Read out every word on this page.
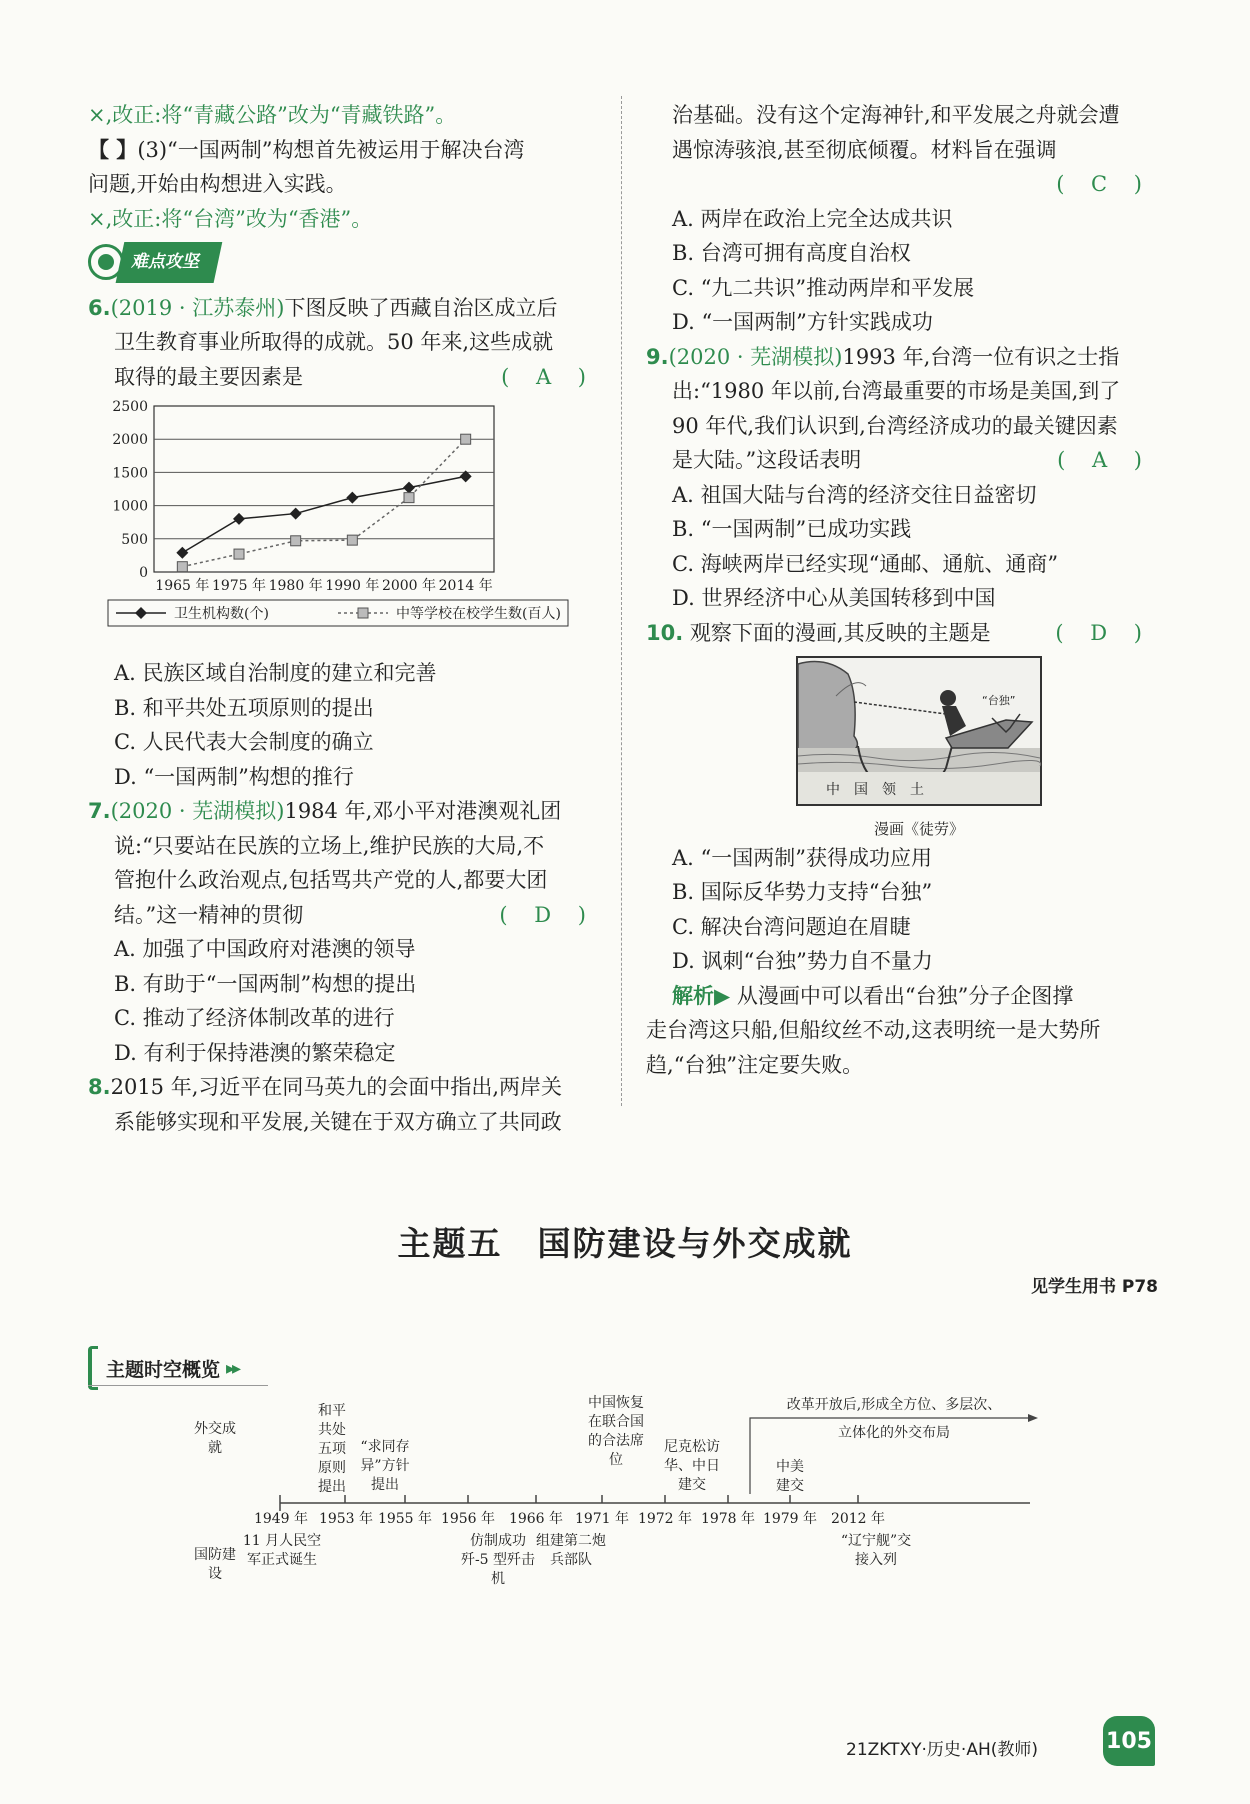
×,改正:将“青藏公路”改为“青藏铁路”。
【 】(3)“一国两制”构想首先被运用于解决台湾
问题,开始由构想进入实践。
×,改正:将“台湾”改为“香港”。
难点攻坚
6.(2019 · 江苏泰州)下图反映了西藏自治区成立后
卫生教育事业所取得的成就。50 年来,这些成就
取得的最主要因素是	( A )
0
500
1000
1500
2000
2500
1965 年 1975 年 1980 年 1990 年 2000 年 2014 年
卫生机构数(个)	中等学校在校学生数(百人)
A. 民族区域自治制度的建立和完善
B. 和平共处五项原则的提出
C. 人民代表大会制度的确立
D. “一国两制”构想的推行
7.(2020 · 芜湖模拟)1984 年,邓小平对港澳观礼团
说:“只要站在民族的立场上,维护民族的大局,不
管抱什么政治观点,包括骂共产党的人,都要大团
结。”这一精神的贯彻	( D )
A. 加强了中国政府对港澳的领导
B. 有助于“一国两制”构想的提出
C. 推动了经济体制改革的进行
D. 有利于保持港澳的繁荣稳定
8.2015 年,习近平在同马英九的会面中指出,两岸关
系能够实现和平发展,关键在于双方确立了共同政
治基础。没有这个定海神针,和平发展之舟就会遭
遇惊涛骇浪,甚至彻底倾覆。材料旨在强调

( C )
A. 两岸在政治上完全达成共识
B. 台湾可拥有高度自治权
C. “九二共识”推动两岸和平发展
D. “一国两制”方针实践成功
9.(2020 · 芜湖模拟)1993 年,台湾一位有识之士指
出:“1980 年以前,台湾最重要的市场是美国,到了
90 年代,我们认识到,台湾经济成功的最关键因素
是大陆。”这段话表明	( A )
A. 祖国大陆与台湾的经济交往日益密切
B. “一国两制”已成功实践
C. 海峡两岸已经实现“通邮、通航、通商”
D. 世界经济中心从美国转移到中国
10. 观察下面的漫画,其反映的主题是	( D )
“台独”
中　国　领　土
漫画《徒劳》
A. “一国两制”获得成功应用
B. 国际反华势力支持“台独”
C. 解决台湾问题迫在眉睫
D. 讽刺“台独”势力自不量力
解析▶ 从漫画中可以看出“台独”分子企图撑
走台湾这只船,但船纹丝不动,这表明统一是大势所
趋,“台独”注定要失败。
主题五　国防建设与外交成就
见学生用书 P78
主题时空概览 ▸▸
外交成就
国防建设
1949 年 1953 年 1955 年 1956 年 1966 年 1971 年 1972 年 1978 年 1979 年 2012 年
和平共处五项原则提出
“求同存异”方针提出
中国恢复在联合国的合法席位
尼克松访华、中日建交
改革开放后,形成全方位、多层次、
立体化的外交布局
中美建交
11 月人民空军正式诞生
仿制成功歼-5 型歼击机
组建第二炮兵部队
“辽宁舰”交接入列
21ZKTXY·历史·AH(教师)	105
